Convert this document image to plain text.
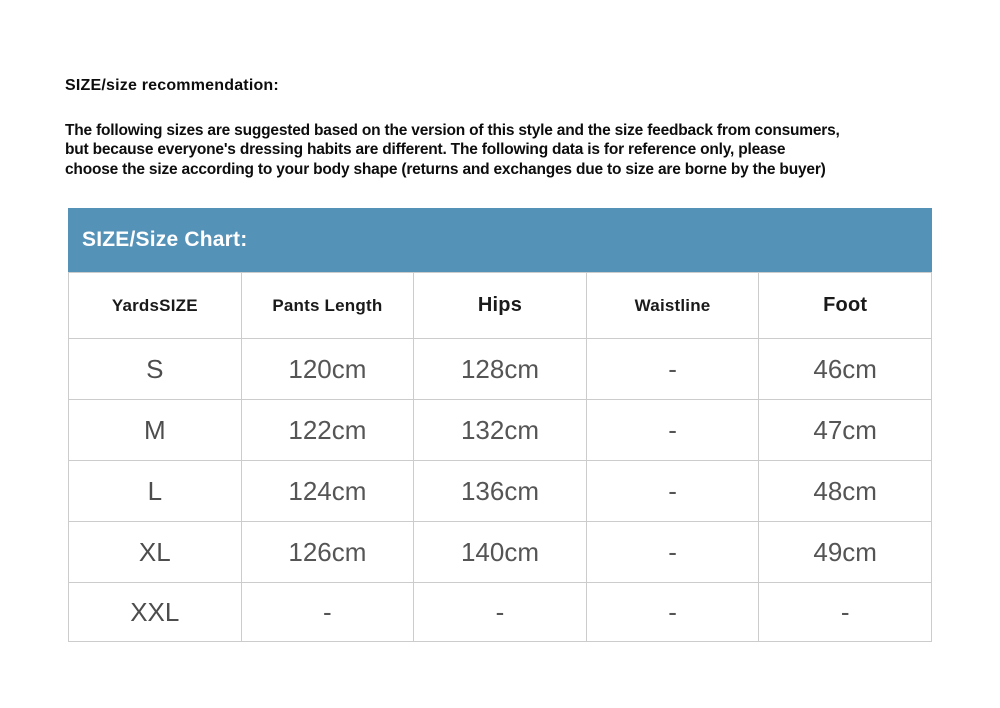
SIZE/size recommendation:
The following sizes are suggested based on the version of this style and the size feedback from consumers,
but because everyone's dressing habits are different. The following data is for reference only, please
choose the size according to your body shape (returns and exchanges due to size are borne by the buyer)
SIZE/Size Chart:
YardsSIZE	Pants Length	Hips	Waistline	Foot
S	120cm	128cm	-	46cm
M	122cm	132cm	-	47cm
L	124cm	136cm	-	48cm
XL	126cm	140cm	-	49cm
XXL	-	-	-	-
